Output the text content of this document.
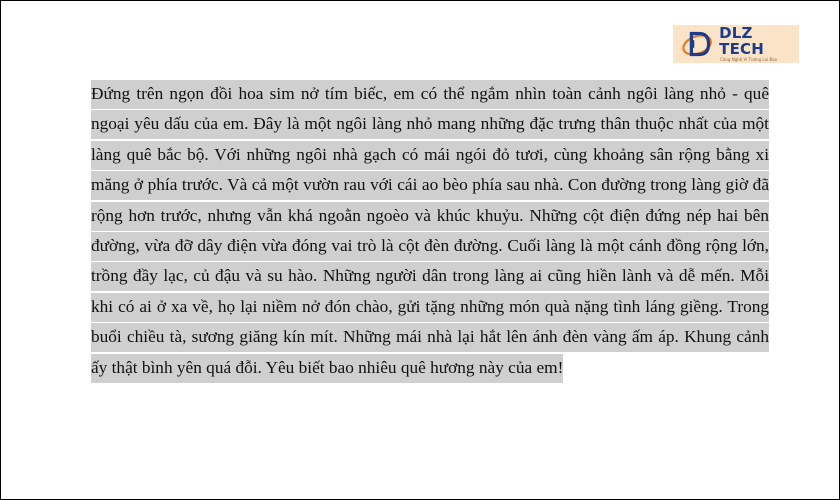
DLZ TECH
Công Nghệ Vì Tương Lai Bạn

Đứng trên ngọn đồi hoa sim nở tím biếc, em có thể ngắm nhìn toàn cảnh ngôi làng nhỏ - quê ngoại yêu dấu của em. Đây là một ngôi làng nhỏ mang những đặc trưng thân thuộc nhất của một làng quê bắc bộ. Với những ngôi nhà gạch có mái ngói đỏ tươi, cùng khoảng sân rộng bằng xi măng ở phía trước. Và cả một vườn rau với cái ao bèo phía sau nhà. Con đường trong làng giờ đã rộng hơn trước, nhưng vẫn khá ngoằn ngoèo và khúc khuỷu. Những cột điện đứng nép hai bên đường, vừa đỡ dây điện vừa đóng vai trò là cột đèn đường. Cuối làng là một cánh đồng rộng lớn, trồng đầy lạc, củ đậu và su hào. Những người dân trong làng ai cũng hiền lành và dễ mến. Mỗi khi có ai ở xa về, họ lại niềm nở đón chào, gửi tặng những món quà nặng tình láng giềng. Trong buổi chiều tà, sương giăng kín mít. Những mái nhà lại hắt lên ánh đèn vàng ấm áp. Khung cảnh ấy thật bình yên quá đỗi. Yêu biết bao nhiêu quê hương này của em!
